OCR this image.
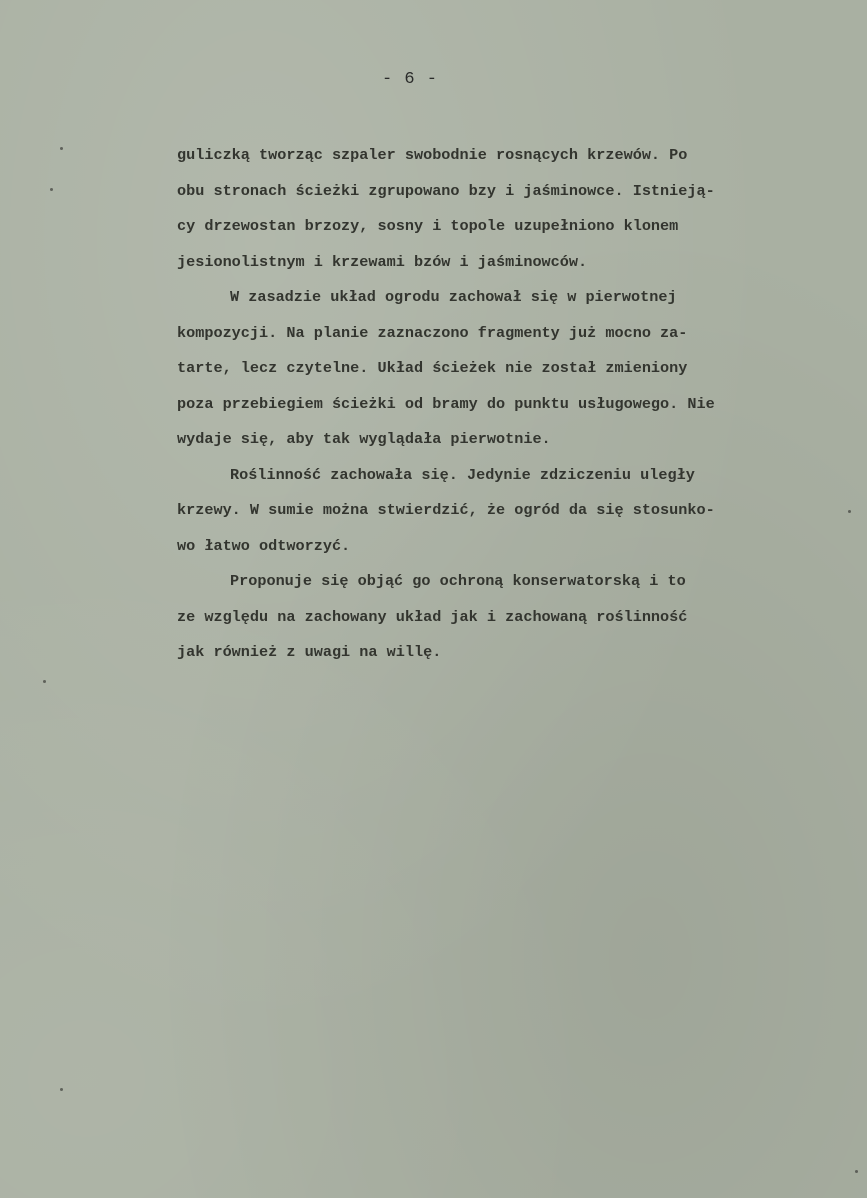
- 6 -
guliczką tworząc szpaler swobodnie rosnących krzewów. Po
obu stronach ścieżki zgrupowano bzy i jaśminowce. Istnieją-
cy drzewostan brzozy, sosny i topole uzupełniono klonem
jesionolistnym i krzewami bzów i jaśminowców.
W zasadzie układ ogrodu zachował się w pierwotnej
kompozycji. Na planie zaznaczono fragmenty już mocno za-
tarte, lecz czytelne. Układ ścieżek nie został zmieniony
poza przebiegiem ścieżki od bramy do punktu usługowego. Nie
wydaje się, aby tak wyglądała pierwotnie.
Roślinność zachowała się. Jedynie zdziczeniu uległy
krzewy. W sumie można stwierdzić, że ogród da się stosunko-
wo łatwo odtworzyć.
Proponuje się objąć go ochroną konserwatorską i to
ze względu na zachowany układ jak i zachowaną roślinność
jak również z uwagi na willę.
